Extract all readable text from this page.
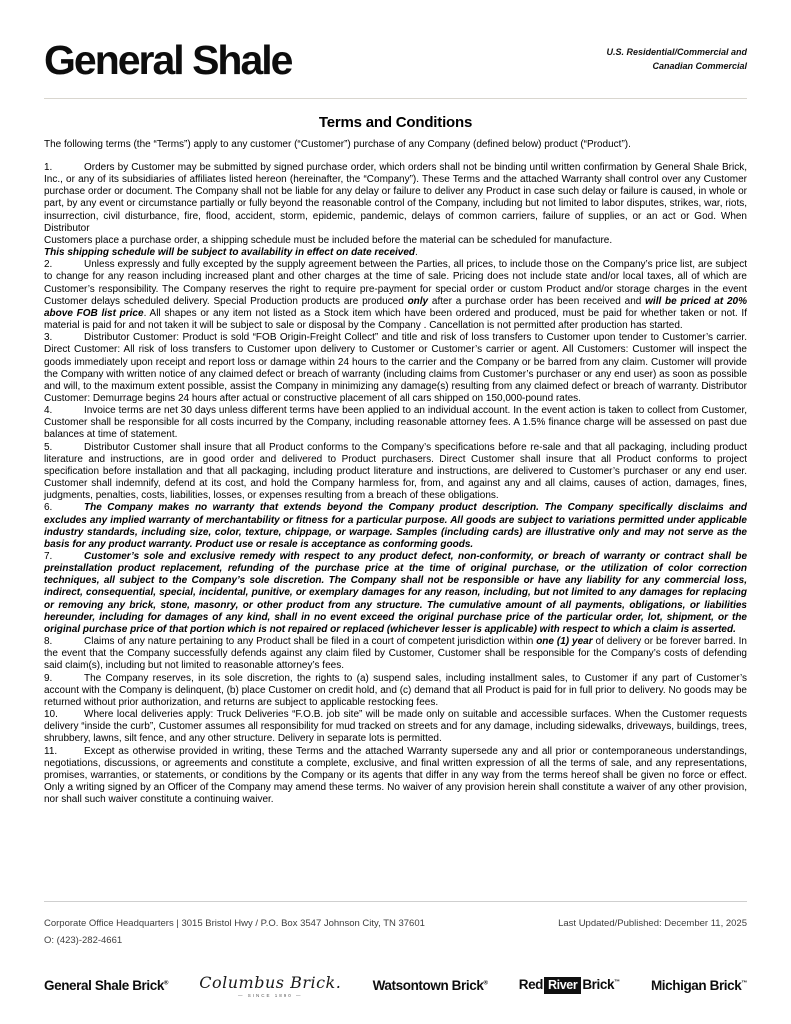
General Shale	U.S. Residential/Commercial and
Canadian Commercial
Terms and Conditions
The following terms (the “Terms”) apply to any customer (“Customer”) purchase of any Company (defined below) product (“Product”).

1.	Orders by Customer may be submitted by signed purchase order, which orders shall not be binding until written confirmation by General Shale Brick, Inc., or any of its subsidiaries of affiliates listed hereon (hereinafter, the “Company”). These Terms and the attached Warranty shall control over any Customer purchase order or document. The Company shall not be liable for any delay or failure to deliver any Product in case such delay or failure is caused, in whole or part, by any event or circumstance partially or fully beyond the reasonable control of the Company, including but not limited to labor disputes, strikes, war, riots, insurrection, civil disturbance, fire, flood, accident, storm, epidemic, pandemic, delays of common carriers, failure of supplies, or an act or God. When Distributor
Customers place a purchase order, a shipping schedule must be included before the material can be scheduled for manufacture.
This shipping schedule will be subject to availability in effect on date received.

2.	Unless expressly and fully excepted by the supply agreement between the Parties, all prices, to include those on the Company’s price list, are subject to change for any reason including increased plant and other charges at the time of sale. Pricing does not include state and/or local taxes, all of which are Customer’s responsibility. The Company reserves the right to require pre-payment for special order or custom Product and/or storage charges in the event Customer delays scheduled delivery. Special Production products are produced only after a purchase order has been received and will be priced at 20% above FOB list price. All shapes or any item not listed as a Stock item which have been ordered and produced, must be paid for whether taken or not. If material is paid for and not taken it will be subject to sale or disposal by the Company . Cancellation is not permitted after production has started.

3.	Distributor Customer: Product is sold “FOB Origin-Freight Collect” and title and risk of loss transfers to Customer upon tender to Customer’s carrier. Direct Customer: All risk of loss transfers to Customer upon delivery to Customer or Customer’s carrier or agent. All Customers: Customer will inspect the goods immediately upon receipt and report loss or damage within 24 hours to the carrier and the Company or be barred from any claim. Customer will provide the Company with written notice of any claimed defect or breach of warranty (including claims from Customer’s purchaser or any end user) as soon as possible and will, to the maximum extent possible, assist the Company in minimizing any damage(s) resulting from any claimed defect or breach of warranty. Distributor Customer: Demurrage begins 24 hours after actual or constructive placement of all cars shipped on 150,000-pound rates.

4.	Invoice terms are net 30 days unless different terms have been applied to an individual account. In the event action is taken to collect from Customer, Customer shall be responsible for all costs incurred by the Company, including reasonable attorney fees. A 1.5% finance charge will be assessed on past due balances at time of statement.

5.	Distributor Customer shall insure that all Product conforms to the Company’s specifications before re-sale and that all packaging, including product literature and instructions, are in good order and delivered to Product purchasers. Direct Customer shall insure that all Product conforms to project specification before installation and that all packaging, including product literature and instructions, are delivered to Customer’s purchaser or any end user. Customer shall indemnify, defend at its cost, and hold the Company harmless for, from, and against any and all claims, causes of action, damages, fines, judgments, penalties, costs, liabilities, losses, or expenses resulting from a breach of these obligations.

6.	The Company makes no warranty that extends beyond the Company product description. The Company specifically disclaims and excludes any implied warranty of merchantability or fitness for a particular purpose. All goods are subject to variations permitted under applicable industry standards, including size, color, texture, chippage, or warpage. Samples (including cards) are illustrative only and may not serve as the basis for any product warranty. Product use or resale is acceptance as conforming goods.

7.	Customer’s sole and exclusive remedy with respect to any product defect, non-conformity, or breach of warranty or contract shall be preinstallation product replacement, refunding of the purchase price at the time of original purchase, or the utilization of color correction techniques, all subject to the Company’s sole discretion. The Company shall not be responsible or have any liability for any commercial loss, indirect, consequential, special, incidental, punitive, or exemplary damages for any reason, including, but not limited to any damages for replacing or removing any brick, stone, masonry, or other product from any structure. The cumulative amount of all payments, obligations, or liabilities hereunder, including for damages of any kind, shall in no event exceed the original purchase price of the particular order, lot, shipment, or the original purchase price of that portion which is not repaired or replaced (whichever lesser is applicable) with respect to which a claim is asserted.

8.	Claims of any nature pertaining to any Product shall be filed in a court of competent jurisdiction within one (1) year of delivery or be forever barred. In the event that the Company successfully defends against any claim filed by Customer, Customer shall be responsible for the Company’s costs of defending said claim(s), including but not limited to reasonable attorney’s fees.

9.	The Company reserves, in its sole discretion, the rights to (a) suspend sales, including installment sales, to Customer if any part of Customer’s account with the Company is delinquent, (b) place Customer on credit hold, and (c) demand that all Product is paid for in full prior to delivery. No goods may be returned without prior authorization, and returns are subject to applicable restocking fees.

10.	Where local deliveries apply: Truck Deliveries “F.O.B. job site” will be made only on suitable and accessible surfaces. When the Customer requests delivery “inside the curb”, Customer assumes all responsibility for mud tracked on streets and for any damage, including sidewalks, driveways, buildings, trees, shrubbery, lawns, silt fence, and any other structure. Delivery in separate lots is permitted.

11.	Except as otherwise provided in writing, these Terms and the attached Warranty supersede any and all prior or contemporaneous understandings, negotiations, discussions, or agreements and constitute a complete, exclusive, and final written expression of all the terms of sale, and any representations, promises, warranties, or statements, or conditions by the Company or its agents that differ in any way from the terms hereof shall be given no force or effect. Only a writing signed by an Officer of the Company may amend these terms. No waiver of any provision herein shall constitute a waiver of any other provision, nor shall such waiver constitute a continuing waiver.

Corporate Office Headquarters | 3015 Bristol Hwy / P.O. Box 3547 Johnson City, TN 37601	Last Updated/Published: December 11, 2025
O: (423)-282-4661
General Shale Brick® Columbus Brick.
— SINCE 1890 —
Watsontown Brick® Red River Brick™ Michigan Brick™
